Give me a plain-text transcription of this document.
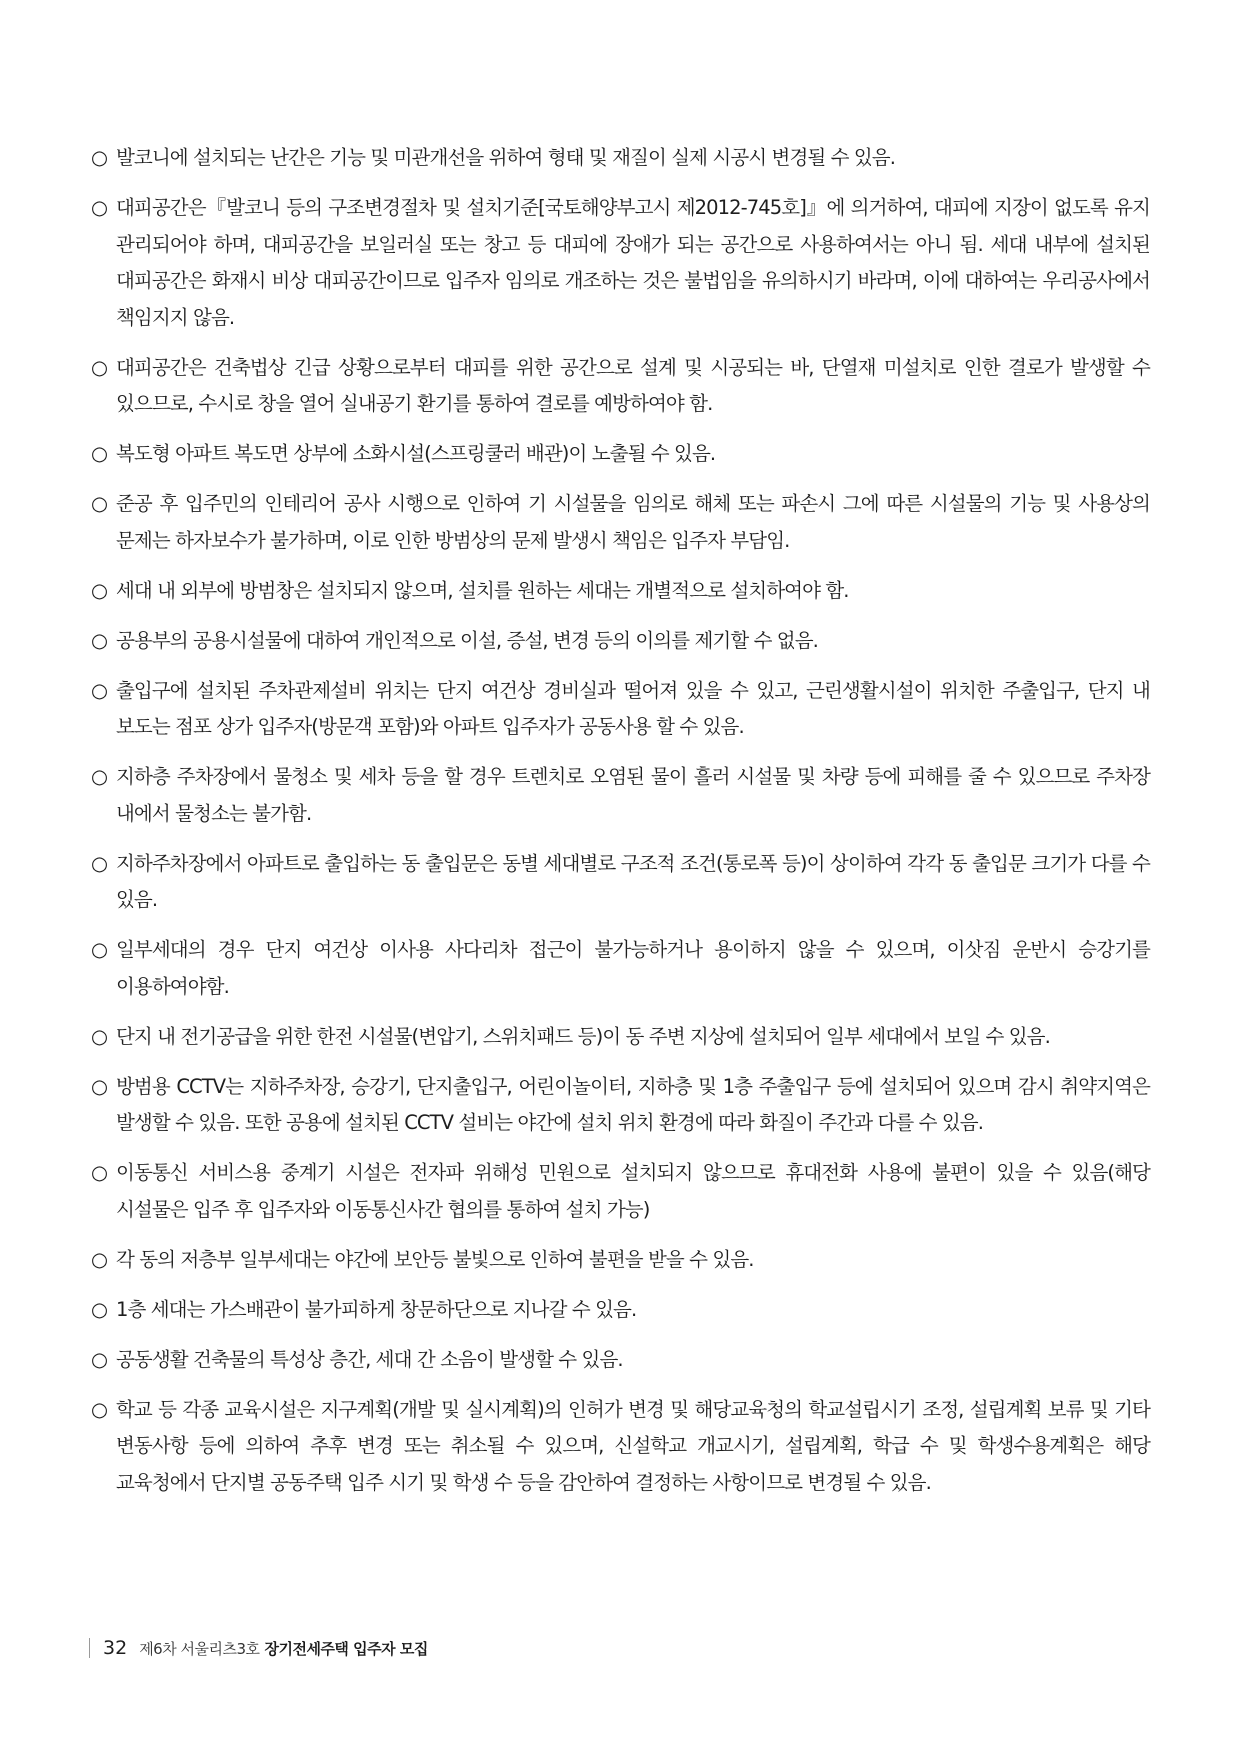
○ 발코니에 설치되는 난간은 기능 및 미관개선을 위하여 형태 및 재질이 실제 시공시 변경될 수 있음.
○ 대피공간은『발코니 등의 구조변경절차 및 설치기준[국토해양부고시 제2012-745호]』에 의거하여, 대피에 지장이 없도록 유지 관리되어야 하며, 대피공간을 보일러실 또는 창고 등 대피에 장애가 되는 공간으로 사용하여서는 아니 됨. 세대 내부에 설치된 대피공간은 화재시 비상 대피공간이므로 입주자 임의로 개조하는 것은 불법임을 유의하시기 바라며, 이에 대하여는 우리공사에서 책임지지 않음.
○ 대피공간은 건축법상 긴급 상황으로부터 대피를 위한 공간으로 설계 및 시공되는 바, 단열재 미설치로 인한 결로가 발생할 수 있으므로, 수시로 창을 열어 실내공기 환기를 통하여 결로를 예방하여야 함.
○ 복도형 아파트 복도면 상부에 소화시설(스프링쿨러 배관)이 노출될 수 있음.
○ 준공 후 입주민의 인테리어 공사 시행으로 인하여 기 시설물을 임의로 해체 또는 파손시 그에 따른 시설물의 기능 및 사용상의 문제는 하자보수가 불가하며, 이로 인한 방범상의 문제 발생시 책임은 입주자 부담임.
○ 세대 내 외부에 방범창은 설치되지 않으며, 설치를 원하는 세대는 개별적으로 설치하여야 함.
○ 공용부의 공용시설물에 대하여 개인적으로 이설, 증설, 변경 등의 이의를 제기할 수 없음.
○ 출입구에 설치된 주차관제설비 위치는 단지 여건상 경비실과 떨어져 있을 수 있고, 근린생활시설이 위치한 주출입구, 단지 내 보도는 점포 상가 입주자(방문객 포함)와 아파트 입주자가 공동사용 할 수 있음.
○ 지하층 주차장에서 물청소 및 세차 등을 할 경우 트렌치로 오염된 물이 흘러 시설물 및 차량 등에 피해를 줄 수 있으므로 주차장 내에서 물청소는 불가함.
○ 지하주차장에서 아파트로 출입하는 동 출입문은 동별 세대별로 구조적 조건(통로폭 등)이 상이하여 각각 동 출입문 크기가 다를 수 있음.
○ 일부세대의 경우 단지 여건상 이사용 사다리차 접근이 불가능하거나 용이하지 않을 수 있으며, 이삿짐 운반시 승강기를 이용하여야함.
○ 단지 내 전기공급을 위한 한전 시설물(변압기, 스위치패드 등)이 동 주변 지상에 설치되어 일부 세대에서 보일 수 있음.
○ 방범용 CCTV는 지하주차장, 승강기, 단지출입구, 어린이놀이터, 지하층 및 1층 주출입구 등에 설치되어 있으며 감시 취약지역은 발생할 수 있음. 또한 공용에 설치된 CCTV 설비는 야간에 설치 위치 환경에 따라 화질이 주간과 다를 수 있음.
○ 이동통신 서비스용 중계기 시설은 전자파 위해성 민원으로 설치되지 않으므로 휴대전화 사용에 불편이 있을 수 있음(해당 시설물은 입주 후 입주자와 이동통신사간 협의를 통하여 설치 가능)
○ 각 동의 저층부 일부세대는 야간에 보안등 불빛으로 인하여 불편을 받을 수 있음.
○ 1층 세대는 가스배관이 불가피하게 창문하단으로 지나갈 수 있음.
○ 공동생활 건축물의 특성상 층간, 세대 간 소음이 발생할 수 있음.
○ 학교 등 각종 교육시설은 지구계획(개발 및 실시계획)의 인허가 변경 및 해당교육청의 학교설립시기 조정, 설립계획 보류 및 기타 변동사항 등에 의하여 추후 변경 또는 취소될 수 있으며, 신설학교 개교시기, 설립계획, 학급 수 및 학생수용계획은 해당 교육청에서 단지별 공동주택 입주 시기 및 학생 수 등을 감안하여 결정하는 사항이므로 변경될 수 있음.
32 제6차 서울리츠3호 장기전세주택 입주자 모집
